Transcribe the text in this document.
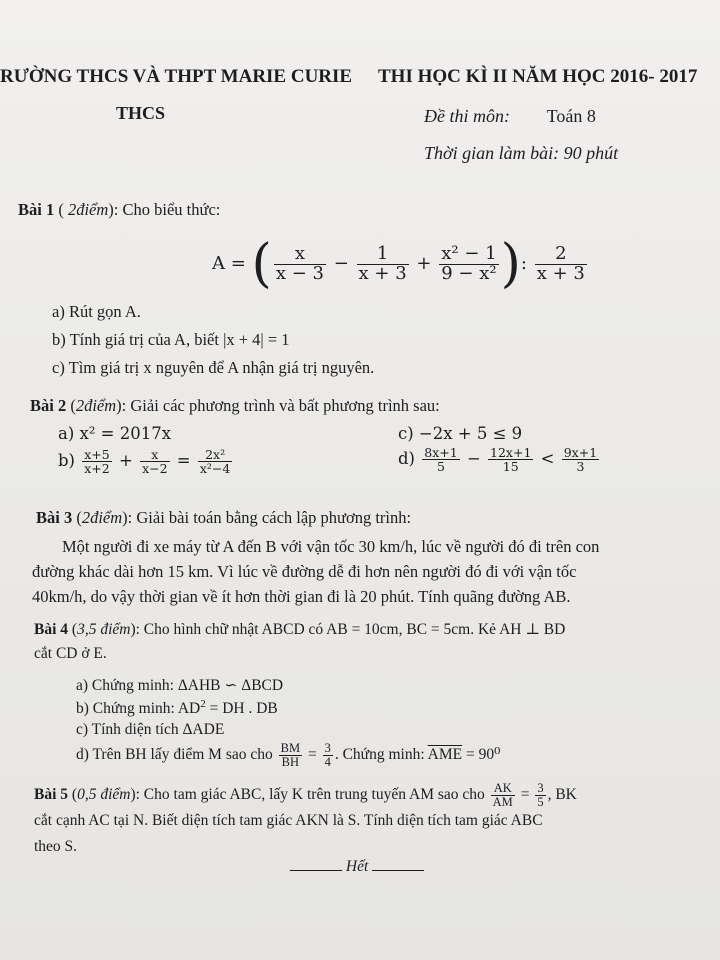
RƯỜNG THCS VÀ THPT MARIE CURIE THI HỌC KÌ II NĂM HỌC 2016- 2017
THCS	Đề thi môn: Toán 8
Thời gian làm bài: 90 phút
Bài 1 ( 2điểm): Cho biểu thức:
A = ( $\frac{x}{x - 3} - \frac{1}{x + 3} + \frac{\text{x² − 1}}{\text{9 − x²}}$ ): $\frac{2}{x + 3}$
a) Rút gọn A.
b) Tính giá trị của A, biết |x + 4| = 1
c) Tìm giá trị x nguyên để A nhận giá trị nguyên.
Bài 2 (2điểm): Giải các phương trình và bất phương trình sau:
a) x² = 2017x	c) −2x + 5 ≤ 9
$b) \frac{x+5}{x+2} + \frac{x}{x-2} = \frac{\text{2x²}}{\text{x²−4}}$	$d) \frac{8x+1}{5} - \frac{12x+1}{15} < \frac{9x+1}{3}$
Bài 3 (2điểm): Giải bài toán bằng cách lập phương trình:
Một người đi xe máy từ A đến B với vận tốc 30 km/h, lúc về người đó đi trên con
đường khác dài hơn 15 km. Vì lúc về đường dễ đi hơn nên người đó đi với vận tốc
40km/h, do vậy thời gian về ít hơn thời gian đi là 20 phút. Tính quãng đường AB.
Bài 4 (3,5 điểm): Cho hình chữ nhật ABCD có AB = 10cm, BC = 5cm. Kẻ AH ⊥ BD
cắt CD ở E.
a) Chứng minh: ΔAHB ∽ ΔBCD
b) Chứng minh: $AD^2$ = DH . DB
c) Tính diện tích ΔADE
d) Trên BH lấy điểm M sao cho $\frac{BM}{BH} = \frac{3}{4}$ . Chứng minh: $\overline{AME} = 90^0$
Bài 5 (0,5 điểm): Cho tam giác ABC, lấy K trên trung tuyến AM sao cho $\frac{AK}{AM} = \frac{3}{5}$ , BK
cắt cạnh AC tại N. Biết diện tích tam giác AKN là S. Tính diện tích tam giác ABC
theo S.
Hết
